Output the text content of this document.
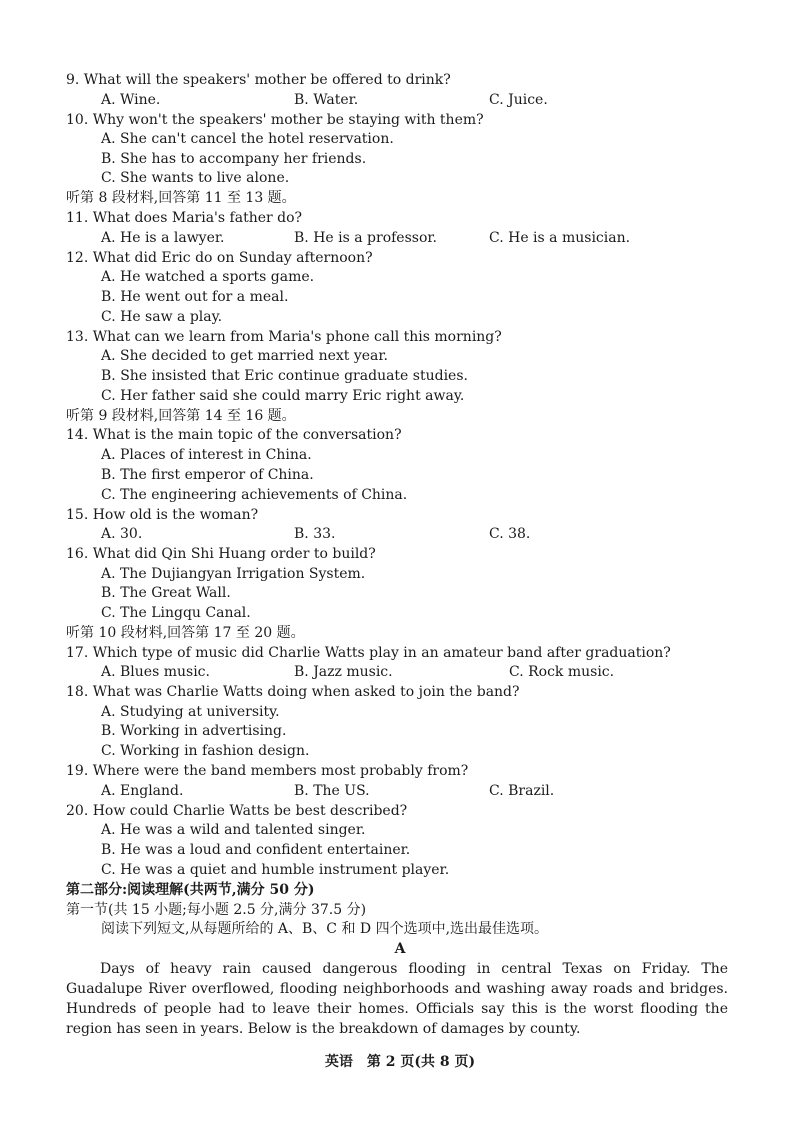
9. What will the speakers' mother be offered to drink?
A. Wine.	B. Water.	C. Juice.
10. Why won't the speakers' mother be staying with them?
A. She can't cancel the hotel reservation.
B. She has to accompany her friends.
C. She wants to live alone.
听第 8 段材料,回答第 11 至 13 题。
11. What does Maria's father do?
A. He is a lawyer.	B. He is a professor.	C. He is a musician.
12. What did Eric do on Sunday afternoon?
A. He watched a sports game.
B. He went out for a meal.
C. He saw a play.
13. What can we learn from Maria's phone call this morning?
A. She decided to get married next year.
B. She insisted that Eric continue graduate studies.
C. Her father said she could marry Eric right away.
听第 9 段材料,回答第 14 至 16 题。
14. What is the main topic of the conversation?
A. Places of interest in China.
B. The first emperor of China.
C. The engineering achievements of China.
15. How old is the woman?
A. 30.	B. 33.	C. 38.
16. What did Qin Shi Huang order to build?
A. The Dujiangyan Irrigation System.
B. The Great Wall.
C. The Lingqu Canal.
听第 10 段材料,回答第 17 至 20 题。
17. Which type of music did Charlie Watts play in an amateur band after graduation?
A. Blues music.	B. Jazz music.	C. Rock music.
18. What was Charlie Watts doing when asked to join the band?
A. Studying at university.
B. Working in advertising.
C. Working in fashion design.
19. Where were the band members most probably from?
A. England.	B. The US.	C. Brazil.
20. How could Charlie Watts be best described?
A. He was a wild and talented singer.
B. He was a loud and confident entertainer.
C. He was a quiet and humble instrument player.
第二部分:阅读理解(共两节,满分 50 分)
第一节(共 15 小题;每小题 2.5 分,满分 37.5 分)
阅读下列短文,从每题所给的 A、B、C 和 D 四个选项中,选出最佳选项。
A
Days of heavy rain caused dangerous flooding in central Texas on Friday. The Guadalupe River overflowed, flooding neighborhoods and washing away roads and bridges. Hundreds of people had to leave their homes. Officials say this is the worst flooding the region has seen in years. Below is the breakdown of damages by county.
英语　第 2 页(共 8 页)
